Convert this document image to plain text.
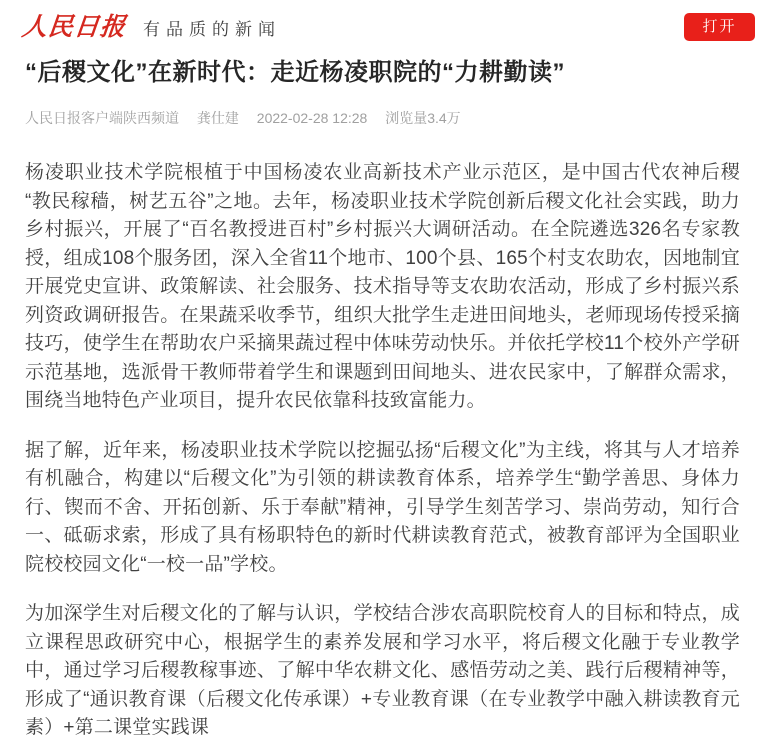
人民日报 有品质的新闻	打开
“后稷文化”在新时代：走近杨凌职院的“力耕勤读”
人民日报客户端陕西频道 龚仕建 2022-02-28 12:28 浏览量3.4万

杨凌职业技术学院根植于中国杨凌农业高新技术产业示范区，是中国古代农神后稷“教民稼穑，树艺五谷”之地。去年，杨凌职业技术学院创新后稷文化社会实践，助力乡村振兴，开展了“百名教授进百村”乡村振兴大调研活动。在全院遴选326名专家教授，组成108个服务团，深入全省11个地市、100个县、165个村支农助农，因地制宜开展党史宣讲、政策解读、社会服务、技术指导等支农助农活动，形成了乡村振兴系列资政调研报告。在果蔬采收季节，组织大批学生走进田间地头，老师现场传授采摘技巧，使学生在帮助农户采摘果蔬过程中体味劳动快乐。并依托学校11个校外产学研示范基地，选派骨干教师带着学生和课题到田间地头、进农民家中，了解群众需求，围绕当地特色产业项目，提升农民依靠科技致富能力。

据了解，近年来，杨凌职业技术学院以挖掘弘扬“后稷文化”为主线，将其与人才培养有机融合，构建以“后稷文化”为引领的耕读教育体系，培养学生“勤学善思、身体力行、锲而不舍、开拓创新、乐于奉献”精神，引导学生刻苦学习、崇尚劳动，知行合一、砥砺求索，形成了具有杨职特色的新时代耕读教育范式，被教育部评为全国职业院校校园文化“一校一品”学校。

为加深学生对后稷文化的了解与认识，学校结合涉农高职院校育人的目标和特点，成立课程思政研究中心，根据学生的素养发展和学习水平，将后稷文化融于专业教学中，通过学习后稷教稼事迹、了解中华农耕文化、感悟劳动之美、践行后稷精神等，形成了“通识教育课（后稷文化传承课）+专业教育课（在专业教学中融入耕读教育元素）+第二课堂实践课
